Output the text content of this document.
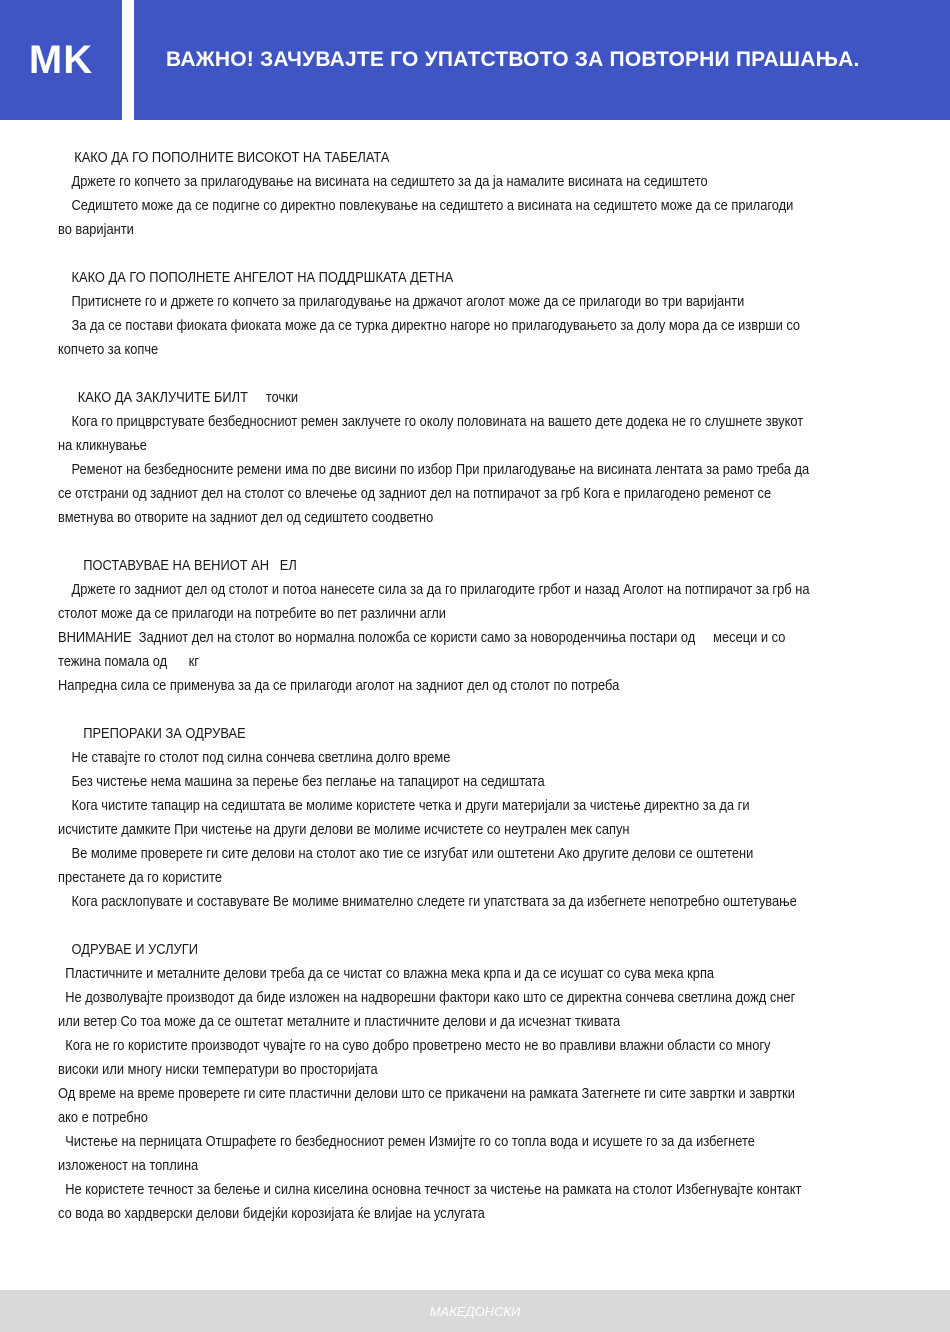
MK	ВАЖНО! ЗАЧУВАЈТЕ ГО УПАТСТВОТО ЗА ПОВТОРНИ ПРАШАЊА.

КАКО ДА ГО ПОПОЛНИТЕ ВИСОКОТ НА ТАБЕЛАТА

Држете го копчето за прилагодување на висината на седиштето за да ја намалите висината на седиштето

Седиштето може да се подигне со директно повлекување на седиштето а висината на седиштето може да се прилагоди во варијанти

КАКО ДА ГО ПОПОЛНЕТЕ АНГЕЛОТ НА ПОДДРШКАТА ДЕТНА

Притиснете го и држете го копчето за прилагодување на држачот аголот може да се прилагоди во три варијанти

За да се постави фиоката фиоката може да се турка директно нагоре но прилагодувањето за долу мора да се изврши со копчето за копче

КАКО ДА ЗАКЛУЧИТЕ БИЛТ     точки

Кога го прицврстувате безбедносниот ремен заклучете го околу половината на вашето дете додека не го слушнете звукот на кликнување

Ременот на безбедносните ремени има по две висини по избор При прилагодување на висината лентата за рамо треба да се отстрани од задниот дел на столот со влечење од задниот дел на потпирачот за грб Кога е прилагодено ременот се вметнува во отворите на задниот дел од седиштето соодветно

ПОСТАВУВАЕ НА ВЕНИОТ АН   ЕЛ

Држете го задниот дел од столот и потоа нанесете сила за да го прилагодите грбот и назад Аголот на потпирачот за грб на столот може да се прилагоди на потребите во пет различни агли

ВНИМАНИЕ  Задниот дел на столот во нормална положба се користи само за новороденчиња постари од     месеци и со тежина помала од      кг

Напредна сила се применува за да се прилагоди аголот на задниот дел од столот по потреба

ПРЕПОРАКИ ЗА ОДРУВАЕ

Не ставајте го столот под силна сончева светлина долго време

Без чистење нема машина за перење без пеглање на тапацирот на седиштата

Кога чистите тапацир на седиштата ве молиме користете четка и други материјали за чистење директно за да ги исчистите дамките При чистење на други делови ве молиме исчистете со неутрален мек сапун

Ве молиме проверете ги сите делови на столот ако тие се изгубат или оштетени Ако другите делови се оштетени престанете да го користите

Кога расклопувате и составувате Ве молиме внимателно следете ги упатствата за да избегнете непотребно оштетување

ОДРУВАЕ И УСЛУГИ

Пластичните и металните делови треба да се чистат со влажна мека крпа и да се исушат со сува мека крпа

Не дозволувајте производот да биде изложен на надворешни фактори како што се директна сончева светлина дожд снег или ветер Со тоа може да се оштетат металните и пластичните делови и да исчезнат ткивата

Кога не го користите производот чувајте го на суво добро проветрено место не во правливи влажни области со многу високи или многу ниски температури во просторијата

Од време на време проверете ги сите пластични делови што се прикачени на рамката Затегнете ги сите завртки и завртки ако е потребно

Чистење на перницата Отшрафете го безбедносниот ремен Измијте го со топла вода и исушете го за да избегнете изложеност на топлина

Не користете течност за белење и силна киселина основна течност за чистење на рамката на столот Избегнувајте контакт со вода во хардверски делови бидејќи корозијата ќе влијае на услугата

МАКЕДОНСКИ
